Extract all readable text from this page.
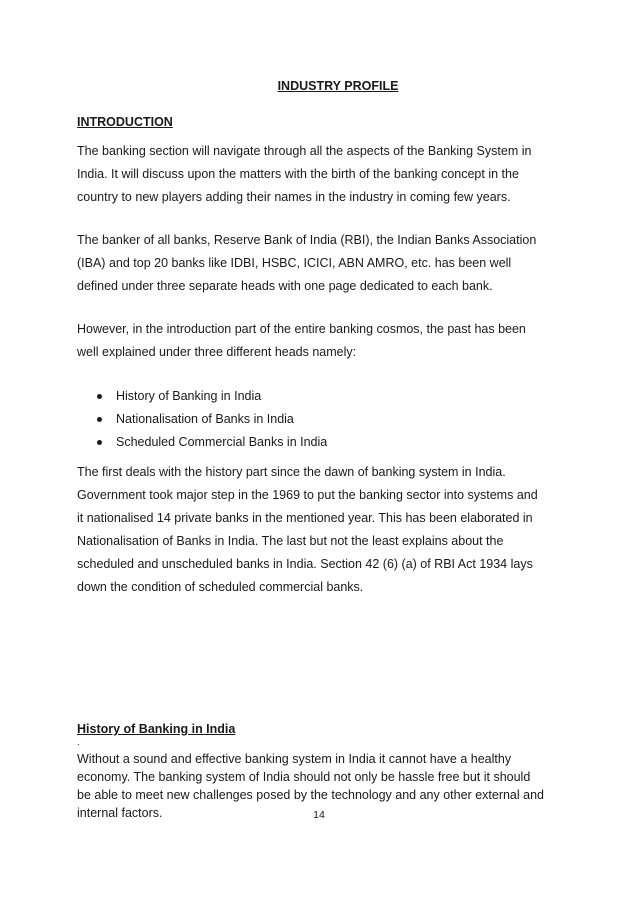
INDUSTRY PROFILE
INTRODUCTION
The banking section will navigate through all the aspects of the Banking System in
India. It will discuss upon the matters with the birth of the banking concept in the
country to new players adding their names in the industry in coming few years.
The banker of all banks, Reserve Bank of India (RBI), the Indian Banks Association
(IBA) and top 20 banks like IDBI, HSBC, ICICI, ABN AMRO, etc. has been well
defined under three separate heads with one page dedicated to each bank.
However, in the introduction part of the entire banking cosmos, the past has been
well explained under three different heads namely:
History of Banking in India
Nationalisation of Banks in India
Scheduled Commercial Banks in India
The first deals with the history part since the dawn of banking system in India.
Government took major step in the 1969 to put the banking sector into systems and
it nationalised 14 private banks in the mentioned year. This has been elaborated in
Nationalisation of Banks in India. The last but not the least explains about the
scheduled and unscheduled banks in India. Section 42 (6) (a) of RBI Act 1934 lays
down the condition of scheduled commercial banks.
History of Banking in India
.
Without a sound and effective banking system in India it cannot have a healthy
economy. The banking system of India should not only be hassle free but it should
be able to meet new challenges posed by the technology and any other external and
internal factors.	14
